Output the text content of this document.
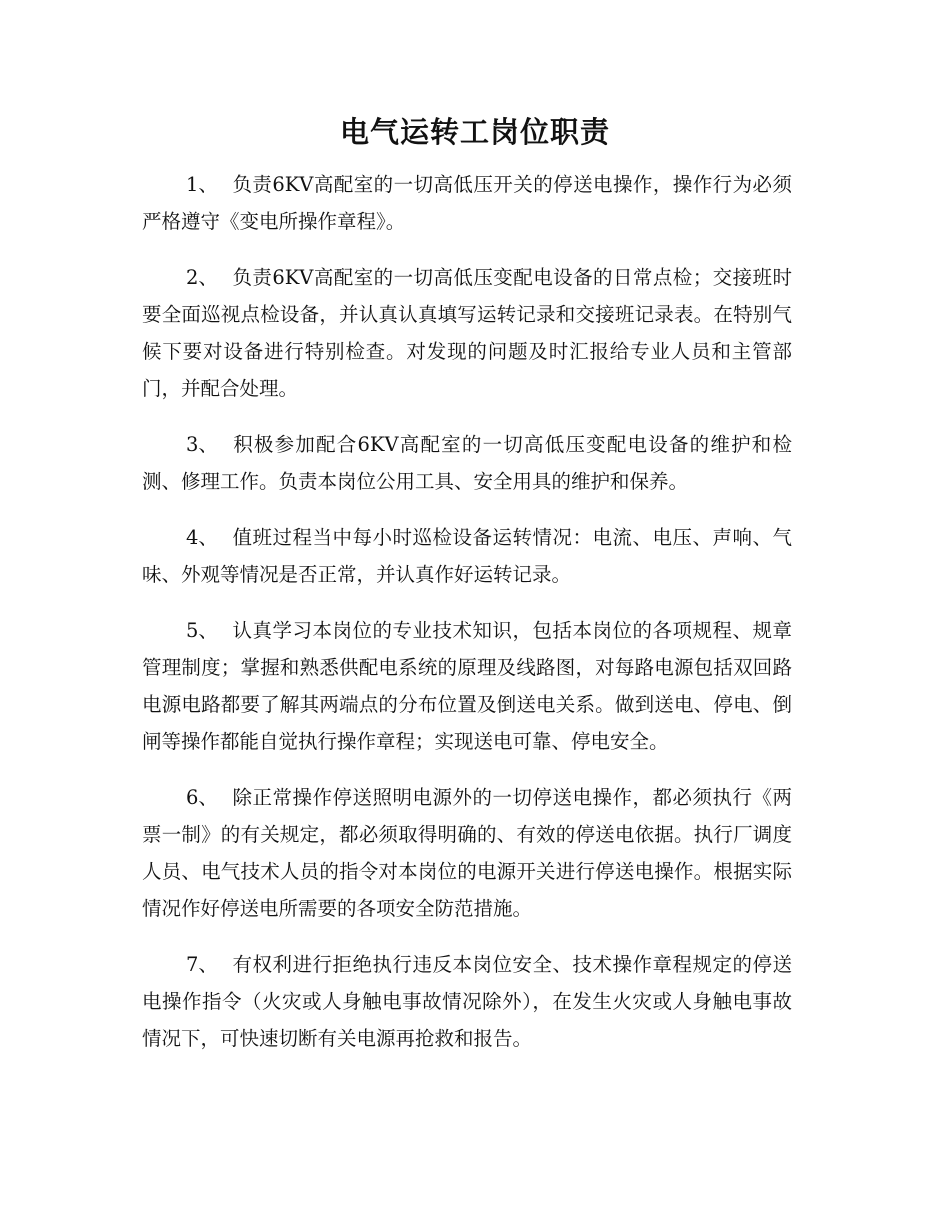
电气运转工岗位职责

1、 负责6KV高配室的一切高低压开关的停送电操作，操作行为必须严格遵守《变电所操作章程》。

2、 负责6KV高配室的一切高低压变配电设备的日常点检；交接班时要全面巡视点检设备，并认真认真填写运转记录和交接班记录表。在特别气候下要对设备进行特别检查。对发现的问题及时汇报给专业人员和主管部门，并配合处理。

3、 积极参加配合6KV高配室的一切高低压变配电设备的维护和检测、修理工作。负责本岗位公用工具、安全用具的维护和保养。

4、 值班过程当中每小时巡检设备运转情况：电流、电压、声响、气味、外观等情况是否正常，并认真作好运转记录。

5、 认真学习本岗位的专业技术知识，包括本岗位的各项规程、规章管理制度；掌握和熟悉供配电系统的原理及线路图，对每路电源包括双回路电源电路都要了解其两端点的分布位置及倒送电关系。做到送电、停电、倒闸等操作都能自觉执行操作章程；实现送电可靠、停电安全。

6、 除正常操作停送照明电源外的一切停送电操作，都必须执行《两票一制》的有关规定，都必须取得明确的、有效的停送电依据。执行厂调度人员、电气技术人员的指令对本岗位的电源开关进行停送电操作。根据实际情况作好停送电所需要的各项安全防范措施。

7、 有权利进行拒绝执行违反本岗位安全、技术操作章程规定的停送电操作指令（火灾或人身触电事故情况除外），在发生火灾或人身触电事故情况下，可快速切断有关电源再抢救和报告。
